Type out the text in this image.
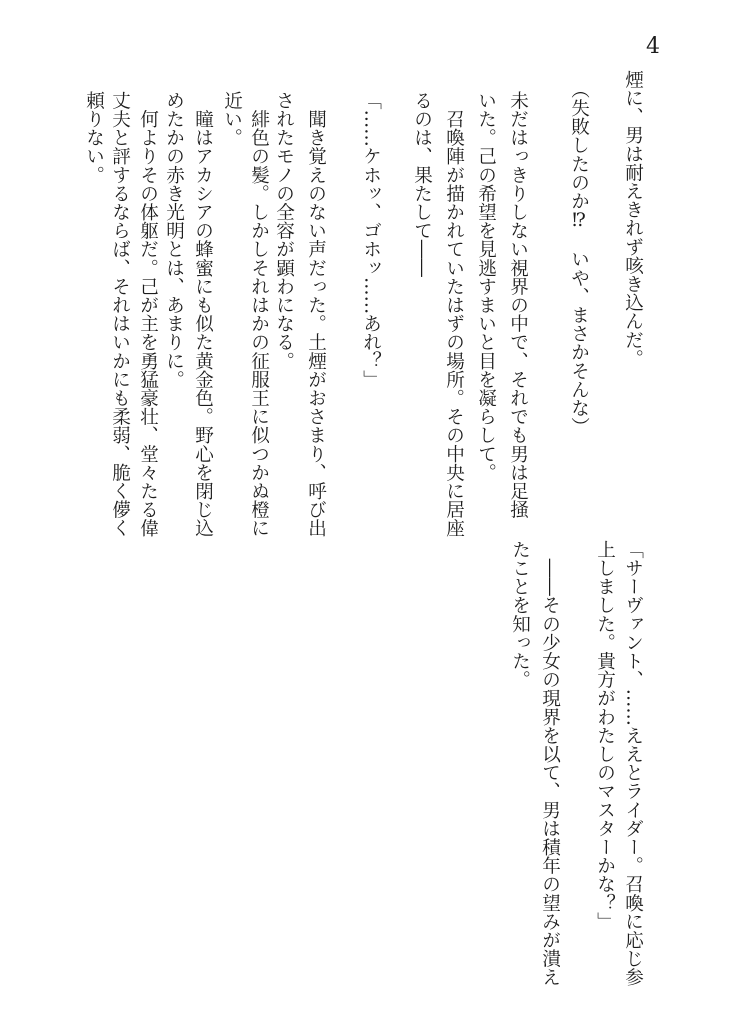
4
煙に、男は耐えきれず咳き込んだ。
（失敗したのか⁉　いや、まさかそんな）
未だはっきりしない視界の中で、それでも男は足掻
いた。己の希望を見逃すまいと目を凝らして。
　召喚陣が描かれていたはずの場所。その中央に居座
るのは、果たして――
「……ケホッ、ゴホッ……あれ？」
　聞き覚えのない声だった。土煙がおさまり、呼び出
されたモノの全容が顕わになる。
　緋色の髪。しかしそれはかの征服王に似つかぬ橙に
近い。
　瞳はアカシアの蜂蜜にも似た黄金色。野心を閉じ込
めたかの赤き光明とは、あまりに。
　何よりその体躯だ。己が主を勇猛豪壮、堂々たる偉
丈夫と評するならば、それはいかにも柔弱、脆く儚く
頼りない。
「サーヴァント、……ええとライダー。召喚に応じ参
上しました。貴方がわたしのマスターかな？」
　――その少女の現界を以て、男は積年の望みが潰え
たことを知った。
